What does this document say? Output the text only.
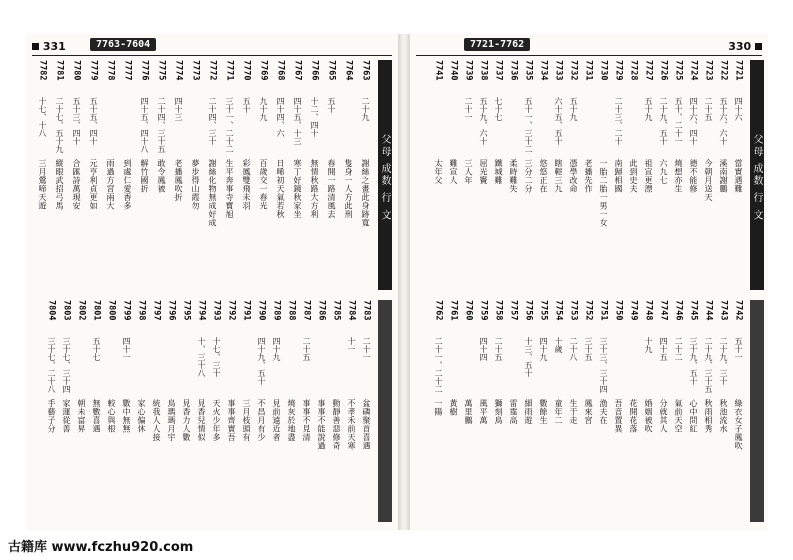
331	7763-7604
父母 成数 行 文
7763
二十九
謝絲之畫此身跡寬
7764
隻身一人方此刑
7765
五十
春開一路清風去
7766
十二、四十
無情秋路大方利
7767
四十五、十三
寒丁好鏡秋家坐
7768
四十四、六
日晞初天氣若秋
7769
九十九
百歲交一春光
7770
五十
彩鳳雙飛未羽
7771
三十一、二十二
生平奔事寺寶旭
7772
二十四、三十
謝絲化物無成好成
7773
夢步得山霞勿
7774
四十三
老播鳳吹折
7775
二十四、三十五
敢令鳳被
7776
四十五、四十八
解竹國折
7777
到處仁愛香多
7778
雨過方宮兩大
7779
五十五、四十
元亨利貞更如
7780
五十三、四十
合匯詩萬現安
7781
二十七、五十九
縱眼武招弓馬
7782
十七、十八
三月鶯啼天遊
7783
二十一
盆磷聚首喜遇
7784
十一
不孝禾前天寒
7785
動靜善惡修奇
7786
事事不能說過
7787
二十五
事事不見清
7788
燒灰於地盡
7789
四十九
見前遠近者
7790
四十九、五十
不昌月有少
7791
三月枝頭有
7792
事事齊實吾
7793
十七、三十
天火少年多
7794
十、三十八
見香兒情似
7795
見香力人數
7796
鳥瑪瑪月宇
7797
統我人人接
7798
家心偏休
7799
四十一
數中無無
7800
較心與根
7801
五十七
無數喜遇
7802
朝未富昇
7803
三十七、三十四
家運從善
7804
三十七、二十八
手藝子分
330
7721-7762
父母 成数 行 文
7721
四十六
當實遇難
7722
五十六、六十
溪南謝鵬
7723
二十五
今朝月送天
7724
四十六、四十
德不能修
7725
五十、二十一
燒想亦生
7726
二十九、五十
六九七
7727
五十九
祖宣更漂
7728
此到史夫
7729
二十三、二十
南歸相國
7730
一胎二胎一男一女
7731
老播先作
7732
五十九
憑學改命
7733
六十五、五十
瞎輕三九
7734
悠悠正在
7735
五十一、三十二
三分二分
7736
柔時難失
7737
七十七
鐵城難
7738
五十九、六十
屈光竇
7739
二十一
三人年
7740
難宣人
7741
太年父
7742
五十一
綠衣女子鳳吹
7743
二十九、三十
秋池流水
7744
二十九、三十五
秋雨相秀
7745
三十九、五十
心中問紅
7746
二十二
氣前天空
7747
四十五
分就其人
7748
十九
婚姻被吹
7749
花開花落
7750
吾音置異
7751
三十三、三十四
漁夫在
7752
三十五
鳳來宮
7753
二十八
生于走
7754
十歲
童年二
7755
四十九
數餘生
7756
十三、五十
細雨遊
7757
雷霆高
7758
二十五
獅刻鳥
7759
四十四
風平萬
7760
萬里鵬
7761
黃樹
7762
二十一、二十二
一陽
古籍库 www.fczhu920.com
